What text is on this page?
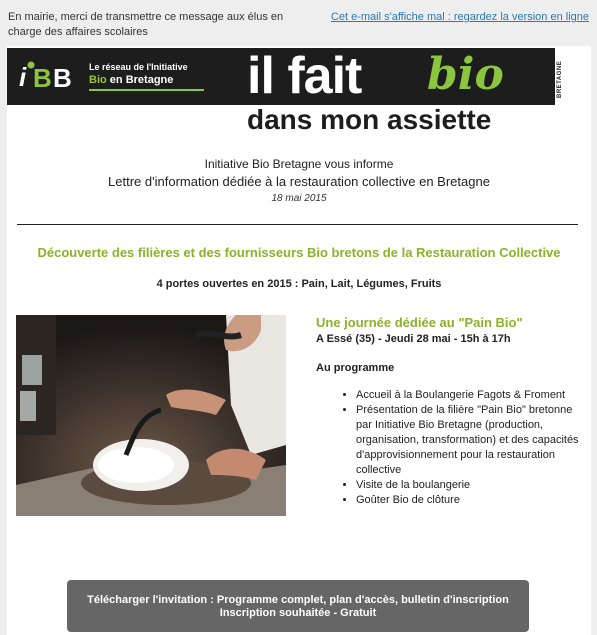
En mairie, merci de transmettre ce message aux élus en charge des affaires scolaires
Cet e-mail s'affiche mal : regardez la version en ligne
i B B Le réseau de l'Initiative
Bio en Bretagne il fait bio
dans mon assiette
BRETAGNE
Initiative Bio Bretagne vous informe
Lettre d'information dédiée à la restauration collective en Bretagne
18 mai 2015
Découverte des filières et des fournisseurs Bio bretons de la Restauration Collective
4 portes ouvertes en 2015 : Pain, Lait, Légumes, Fruits
Une journée dédiée au "Pain Bio"
A Essé (35) - Jeudi 28 mai - 15h à 17h
Au programme
• Accueil à la Boulangerie Fagots & Froment
• Présentation de la filière "Pain Bio" bretonne par Initiative Bio Bretagne (production, organisation, transformation) et des capacités d'approvisionnement pour la restauration collective
• Visite de la boulangerie
• Goûter Bio de clôture
Télécharger l'invitation : Programme complet, plan d'accès, bulletin d'inscription
Inscription souhaitée - Gratuit
